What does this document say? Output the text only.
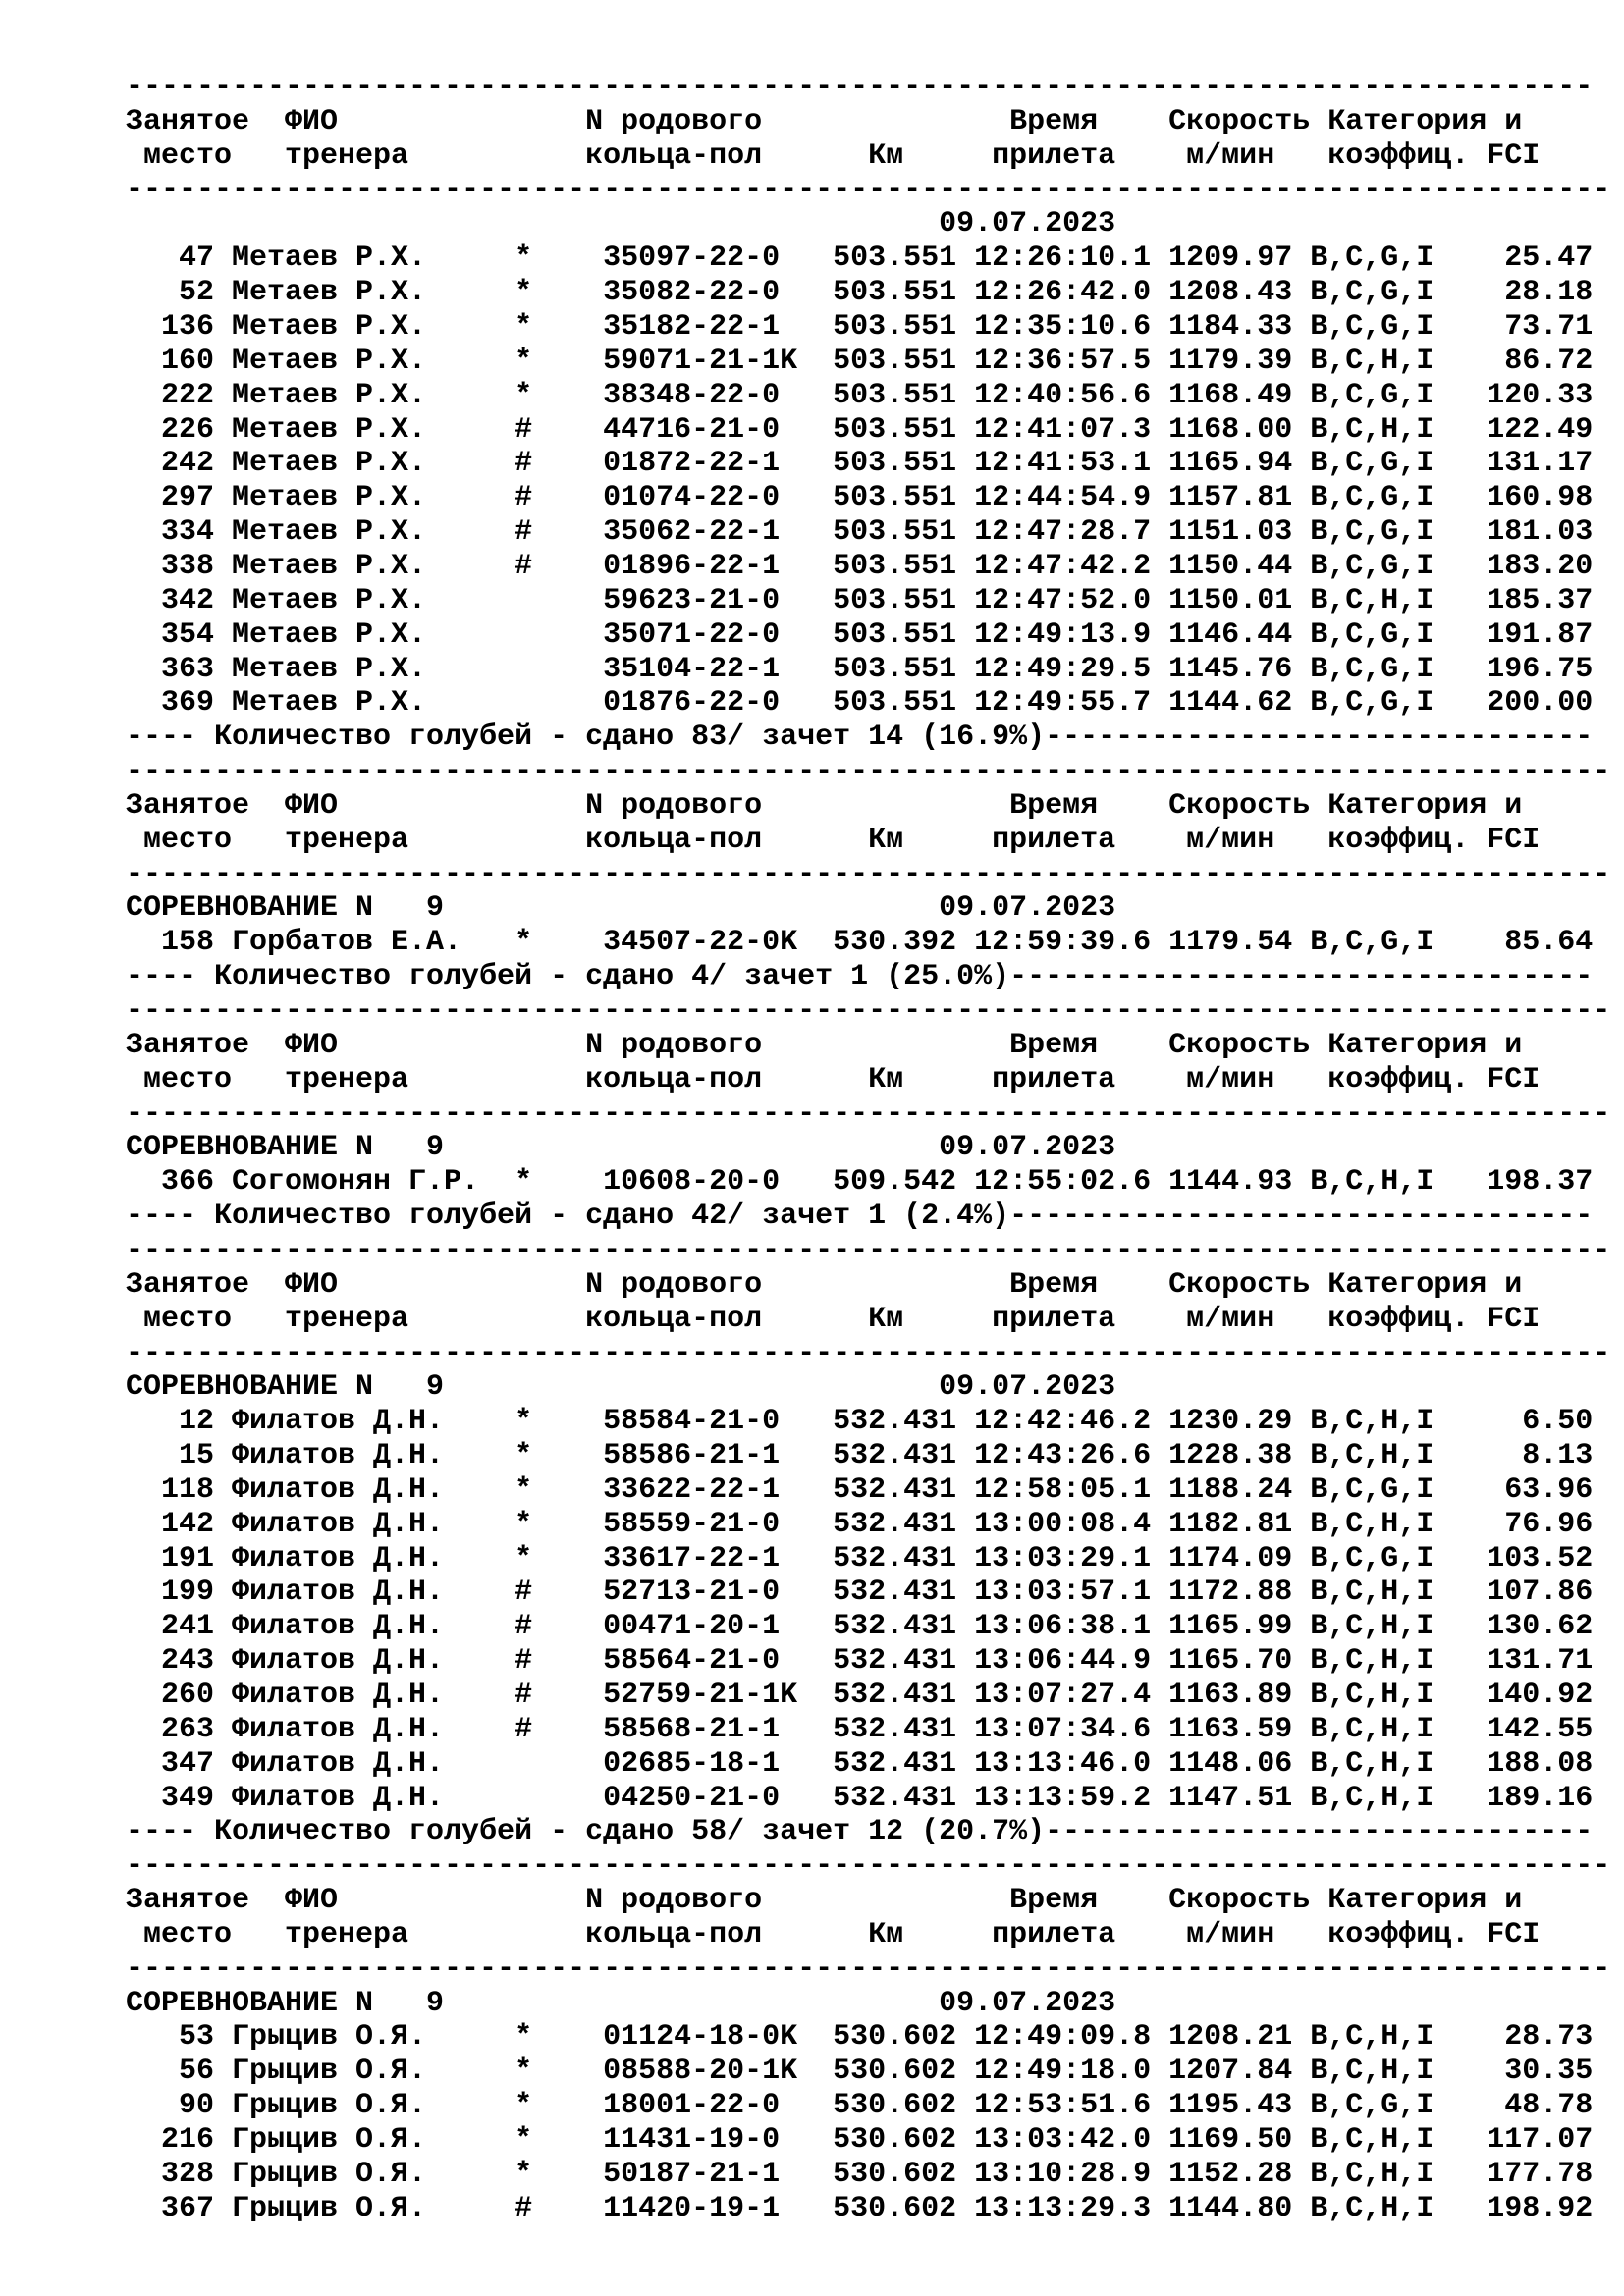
-----------------------------------------------------------------------------------
Занятое  ФИО              N родового              Время    Скорость Категория и
место   тренера          кольца-пол      Км     прилета    м/мин   коэффиц. FCI
------------------------------------------------------------------------------------
09.07.2023
47 Метаев Р.Х.     *    35097-22-0   503.551 12:26:10.1 1209.97 B,C,G,I    25.47
52 Метаев Р.Х.     *    35082-22-0   503.551 12:26:42.0 1208.43 B,C,G,I    28.18
136 Метаев Р.Х.     *    35182-22-1   503.551 12:35:10.6 1184.33 B,C,G,I    73.71
160 Метаев Р.Х.     *    59071-21-1K  503.551 12:36:57.5 1179.39 B,C,H,I    86.72
222 Метаев Р.Х.     *    38348-22-0   503.551 12:40:56.6 1168.49 B,C,G,I   120.33
226 Метаев Р.Х.     #    44716-21-0   503.551 12:41:07.3 1168.00 B,C,H,I   122.49
242 Метаев Р.Х.     #    01872-22-1   503.551 12:41:53.1 1165.94 B,C,G,I   131.17
297 Метаев Р.Х.     #    01074-22-0   503.551 12:44:54.9 1157.81 B,C,G,I   160.98
334 Метаев Р.Х.     #    35062-22-1   503.551 12:47:28.7 1151.03 B,C,G,I   181.03
338 Метаев Р.Х.     #    01896-22-1   503.551 12:47:42.2 1150.44 B,C,G,I   183.20
342 Метаев Р.Х.          59623-21-0   503.551 12:47:52.0 1150.01 B,C,H,I   185.37
354 Метаев Р.Х.          35071-22-0   503.551 12:49:13.9 1146.44 B,C,G,I   191.87
363 Метаев Р.Х.          35104-22-1   503.551 12:49:29.5 1145.76 B,C,G,I   196.75
369 Метаев Р.Х.          01876-22-0   503.551 12:49:55.7 1144.62 B,C,G,I   200.00
---- Количество голубей - сдано 83/ зачет 14 (16.9%)-------------------------------
------------------------------------------------------------------------------------
Занятое  ФИО              N родового              Время    Скорость Категория и
место   тренера          кольца-пол      Км     прилета    м/мин   коэффиц. FCI
------------------------------------------------------------------------------------
СОРЕВНОВАНИЕ N   9                            09.07.2023
158 Горбатов Е.А.   *    34507-22-0K  530.392 12:59:39.6 1179.54 B,C,G,I    85.64
---- Количество голубей - сдано 4/ зачет 1 (25.0%)---------------------------------
------------------------------------------------------------------------------------
Занятое  ФИО              N родового              Время    Скорость Категория и
место   тренера          кольца-пол      Км     прилета    м/мин   коэффиц. FCI
------------------------------------------------------------------------------------
СОРЕВНОВАНИЕ N   9                            09.07.2023
366 Согомонян Г.Р.  *    10608-20-0   509.542 12:55:02.6 1144.93 B,C,H,I   198.37
---- Количество голубей - сдано 42/ зачет 1 (2.4%)---------------------------------
------------------------------------------------------------------------------------
Занятое  ФИО              N родового              Время    Скорость Категория и
место   тренера          кольца-пол      Км     прилета    м/мин   коэффиц. FCI
------------------------------------------------------------------------------------
СОРЕВНОВАНИЕ N   9                            09.07.2023
12 Филатов Д.Н.    *    58584-21-0   532.431 12:42:46.2 1230.29 B,C,H,I     6.50
15 Филатов Д.Н.    *    58586-21-1   532.431 12:43:26.6 1228.38 B,C,H,I     8.13
118 Филатов Д.Н.    *    33622-22-1   532.431 12:58:05.1 1188.24 B,C,G,I    63.96
142 Филатов Д.Н.    *    58559-21-0   532.431 13:00:08.4 1182.81 B,C,H,I    76.96
191 Филатов Д.Н.    *    33617-22-1   532.431 13:03:29.1 1174.09 B,C,G,I   103.52
199 Филатов Д.Н.    #    52713-21-0   532.431 13:03:57.1 1172.88 B,C,H,I   107.86
241 Филатов Д.Н.    #    00471-20-1   532.431 13:06:38.1 1165.99 B,C,H,I   130.62
243 Филатов Д.Н.    #    58564-21-0   532.431 13:06:44.9 1165.70 B,C,H,I   131.71
260 Филатов Д.Н.    #    52759-21-1K  532.431 13:07:27.4 1163.89 B,C,H,I   140.92
263 Филатов Д.Н.    #    58568-21-1   532.431 13:07:34.6 1163.59 B,C,H,I   142.55
347 Филатов Д.Н.         02685-18-1   532.431 13:13:46.0 1148.06 B,C,H,I   188.08
349 Филатов Д.Н.         04250-21-0   532.431 13:13:59.2 1147.51 B,C,H,I   189.16
---- Количество голубей - сдано 58/ зачет 12 (20.7%)-------------------------------
------------------------------------------------------------------------------------
Занятое  ФИО              N родового              Время    Скорость Категория и
место   тренера          кольца-пол      Км     прилета    м/мин   коэффиц. FCI
------------------------------------------------------------------------------------
СОРЕВНОВАНИЕ N   9                            09.07.2023
53 Грыцив О.Я.     *    01124-18-0K  530.602 12:49:09.8 1208.21 B,C,H,I    28.73
56 Грыцив О.Я.     *    08588-20-1K  530.602 12:49:18.0 1207.84 B,C,H,I    30.35
90 Грыцив О.Я.     *    18001-22-0   530.602 12:53:51.6 1195.43 B,C,G,I    48.78
216 Грыцив О.Я.     *    11431-19-0   530.602 13:03:42.0 1169.50 B,C,H,I   117.07
328 Грыцив О.Я.     *    50187-21-1   530.602 13:10:28.9 1152.28 B,C,H,I   177.78
367 Грыцив О.Я.     #    11420-19-1   530.602 13:13:29.3 1144.80 B,C,H,I   198.92
